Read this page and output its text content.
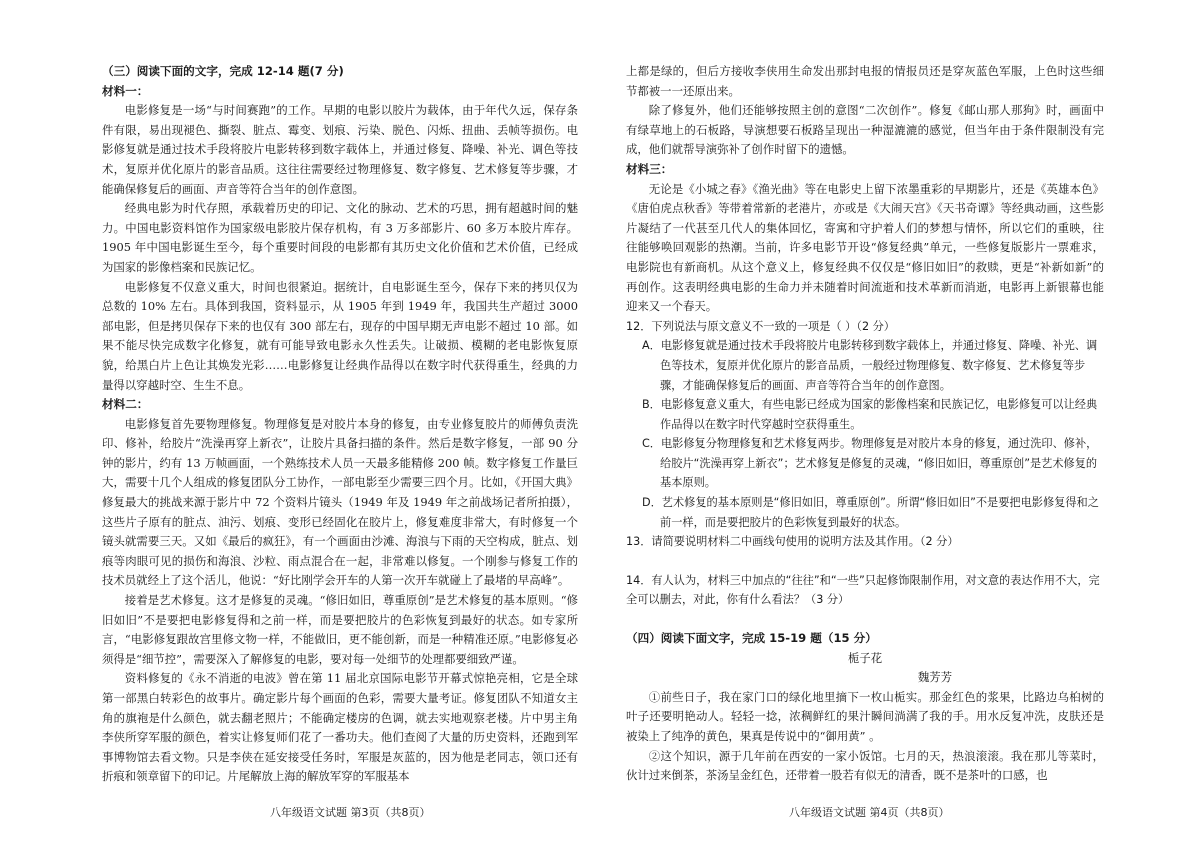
（三）阅读下面的文字，完成 12-14 题(7 分)
材料一：

电影修复是一场“与时间赛跑”的工作。早期的电影以胶片为载体，由于年代久远，保存条件有限，易出现褪色、撕裂、脏点、霉变、划痕、污染、脱色、闪烁、扭曲、丢帧等损伤。电影修复就是通过技术手段将胶片电影转移到数字载体上，并通过修复、降噪、补光、调色等技术，复原并优化原片的影音品质。这往往需要经过物理修复、数字修复、艺术修复等步骤，才能确保修复后的画面、声音等符合当年的创作意图。

经典电影为时代存照，承载着历史的印记、文化的脉动、艺术的巧思，拥有超越时间的魅力。中国电影资料馆作为国家级电影胶片保存机构，有 3 万多部影片、60 多万本胶片库存。1905 年中国电影诞生至今，每个重要时间段的电影都有其历史文化价值和艺术价值，已经成为国家的影像档案和民族记忆。

电影修复不仅意义重大，时间也很紧迫。据统计，自电影诞生至今，保存下来的拷贝仅为总数的 10% 左右。具体到我国，资料显示，从 1905 年到 1949 年，我国共生产超过 3000 部电影，但是拷贝保存下来的也仅有 300 部左右，现存的中国早期无声电影不超过 10 部。如果不能尽快完成数字化修复，就有可能导致电影永久性丢失。让破损、模糊的老电影恢复原貌，给黑白片上色让其焕发光彩……电影修复让经典作品得以在数字时代获得重生，经典的力量得以穿越时空、生生不息。

材料二：

电影修复首先要物理修复。物理修复是对胶片本身的修复，由专业修复胶片的师傅负责洗印、修补，给胶片“洗澡再穿上新衣”，让胶片具备扫描的条件。然后是数字修复，一部 90 分钟的影片，约有 13 万帧画面，一个熟练技术人员一天最多能精修 200 帧。数字修复工作量巨大，需要十几个人组成的修复团队分工协作，一部电影至少需要三四个月。比如，《开国大典》修复最大的挑战来源于影片中 72 个资料片镜头（1949 年及 1949 年之前战场记者所拍摄），这些片子原有的脏点、油污、划痕、变形已经固化在胶片上，修复难度非常大，有时修复一个镜头就需要三天。又如《最后的疯狂》，有一个画面由沙滩、海浪与下雨的天空构成，脏点、划痕等肉眼可见的损伤和海浪、沙粒、雨点混合在一起，非常难以修复。一个刚参与修复工作的技术员就经上了这个活儿，他说：“好比刚学会开车的人第一次开车就碰上了最堵的早高峰”。

接着是艺术修复。这才是修复的灵魂。“修旧如旧，尊重原创”是艺术修复的基本原则。“修旧如旧”不是要把电影修复得和之前一样，而是要把胶片的色彩恢复到最好的状态。如专家所言，“电影修复跟故宫里修文物一样，不能做旧，更不能创新，而是一种精准还原。”电影修复必须得是“细节控”，需要深入了解修复的电影，要对每一处细节的处理都要细致严谨。

资料修复的《永不消逝的电波》曾在第 11 届北京国际电影节开幕式惊艳亮相，它是全球第一部黑白转彩色的故事片。确定影片每个画面的色彩，需要大量考证。修复团队不知道女主角的旗袍是什么颜色，就去翻老照片；不能确定楼房的色调，就去实地观察老楼。片中男主角李侠所穿军服的颜色，着实让修复师们花了一番功夫。他们查阅了大量的历史资料，还跑到军事博物馆去看文物。只是李侠在延安接受任务时，军服是灰蓝的，因为他是老同志，领口还有折痕和领章留下的印记。片尾解放上海的解放军穿的军服基本

上都是绿的，但后方接收李侠用生命发出那封电报的情报员还是穿灰蓝色军服，上色时这些细节都被一一还原出来。

除了修复外，他们还能够按照主创的意图“二次创作”。修复《邮山那人那狗》时，画面中有绿草地上的石板路，导演想要石板路呈现出一种湿漉漉的感觉，但当年由于条件限制没有完成，他们就帮导演弥补了创作时留下的遗憾。

材料三：

无论是《小城之春》《渔光曲》等在电影史上留下浓墨重彩的早期影片，还是《英雄本色》《唐伯虎点秋香》等带着常新的老港片，亦或是《大闹天宫》《天书奇谭》等经典动画，这些影片凝结了一代甚至几代人的集体回忆，寄寓和守护着人们的梦想与情怀，所以它们的重映，往往能够唤回观影的热潮。当前，许多电影节开设“修复经典”单元，一些修复版影片一票难求，电影院也有新商机。从这个意义上，修复经典不仅仅是“修旧如旧”的救赎，更是“补新如新”的再创作。这表明经典电影的生命力并未随着时间流逝和技术革新而消逝，电影再上新银幕也能迎来又一个春天。

12．下列说法与原文意义不一致的一项是（ ）（2 分）

A．电影修复就是通过技术手段将胶片电影转移到数字载体上，并通过修复、降噪、补光、调色等技术，复原并优化原片的影音品质，一般经过物理修复、数字修复、艺术修复等步骤，才能确保修复后的画面、声音等符合当年的创作意图。

B．电影修复意义重大，有些电影已经成为国家的影像档案和民族记忆，电影修复可以让经典作品得以在数字时代穿越时空获得重生。

C．电影修复分物理修复和艺术修复两步。物理修复是对胶片本身的修复，通过洗印、修补，给胶片“洗澡再穿上新衣”；艺术修复是修复的灵魂，“修旧如旧，尊重原创”是艺术修复的基本原则。

D．艺术修复的基本原则是“修旧如旧，尊重原创”。所谓“修旧如旧”不是要把电影修复得和之前一样，而是要把胶片的色彩恢复到最好的状态。

13．请简要说明材料二中画线句使用的说明方法及其作用。（2 分）

14．有人认为，材料三中加点的“往往”和“一些”只起修饰限制作用，对文意的表达作用不大，完全可以删去，对此，你有什么看法？（3 分）

（四）阅读下面文字，完成 15-19 题（15 分）

栀子花

魏芳芳

①前些日子，我在家门口的绿化地里摘下一枚山栀实。那金红色的浆果，比路边乌桕树的叶子还要明艳动人。轻轻一捻，浓稠鲜红的果汁瞬间淌满了我的手。用水反复冲洗，皮肤还是被染上了纯净的黄色，果真是传说中的“御用黄” 。

②这个知识，源于几年前在西安的一家小饭馆。七月的天，热浪滚滚。我在那儿等菜时，伙计过来倒茶，茶汤呈金红色，还带着一股若有似无的清香，既不是茶叶的口感，也

八年级语文试题 第3页（共8页）	八年级语文试题 第4页（共8页）
